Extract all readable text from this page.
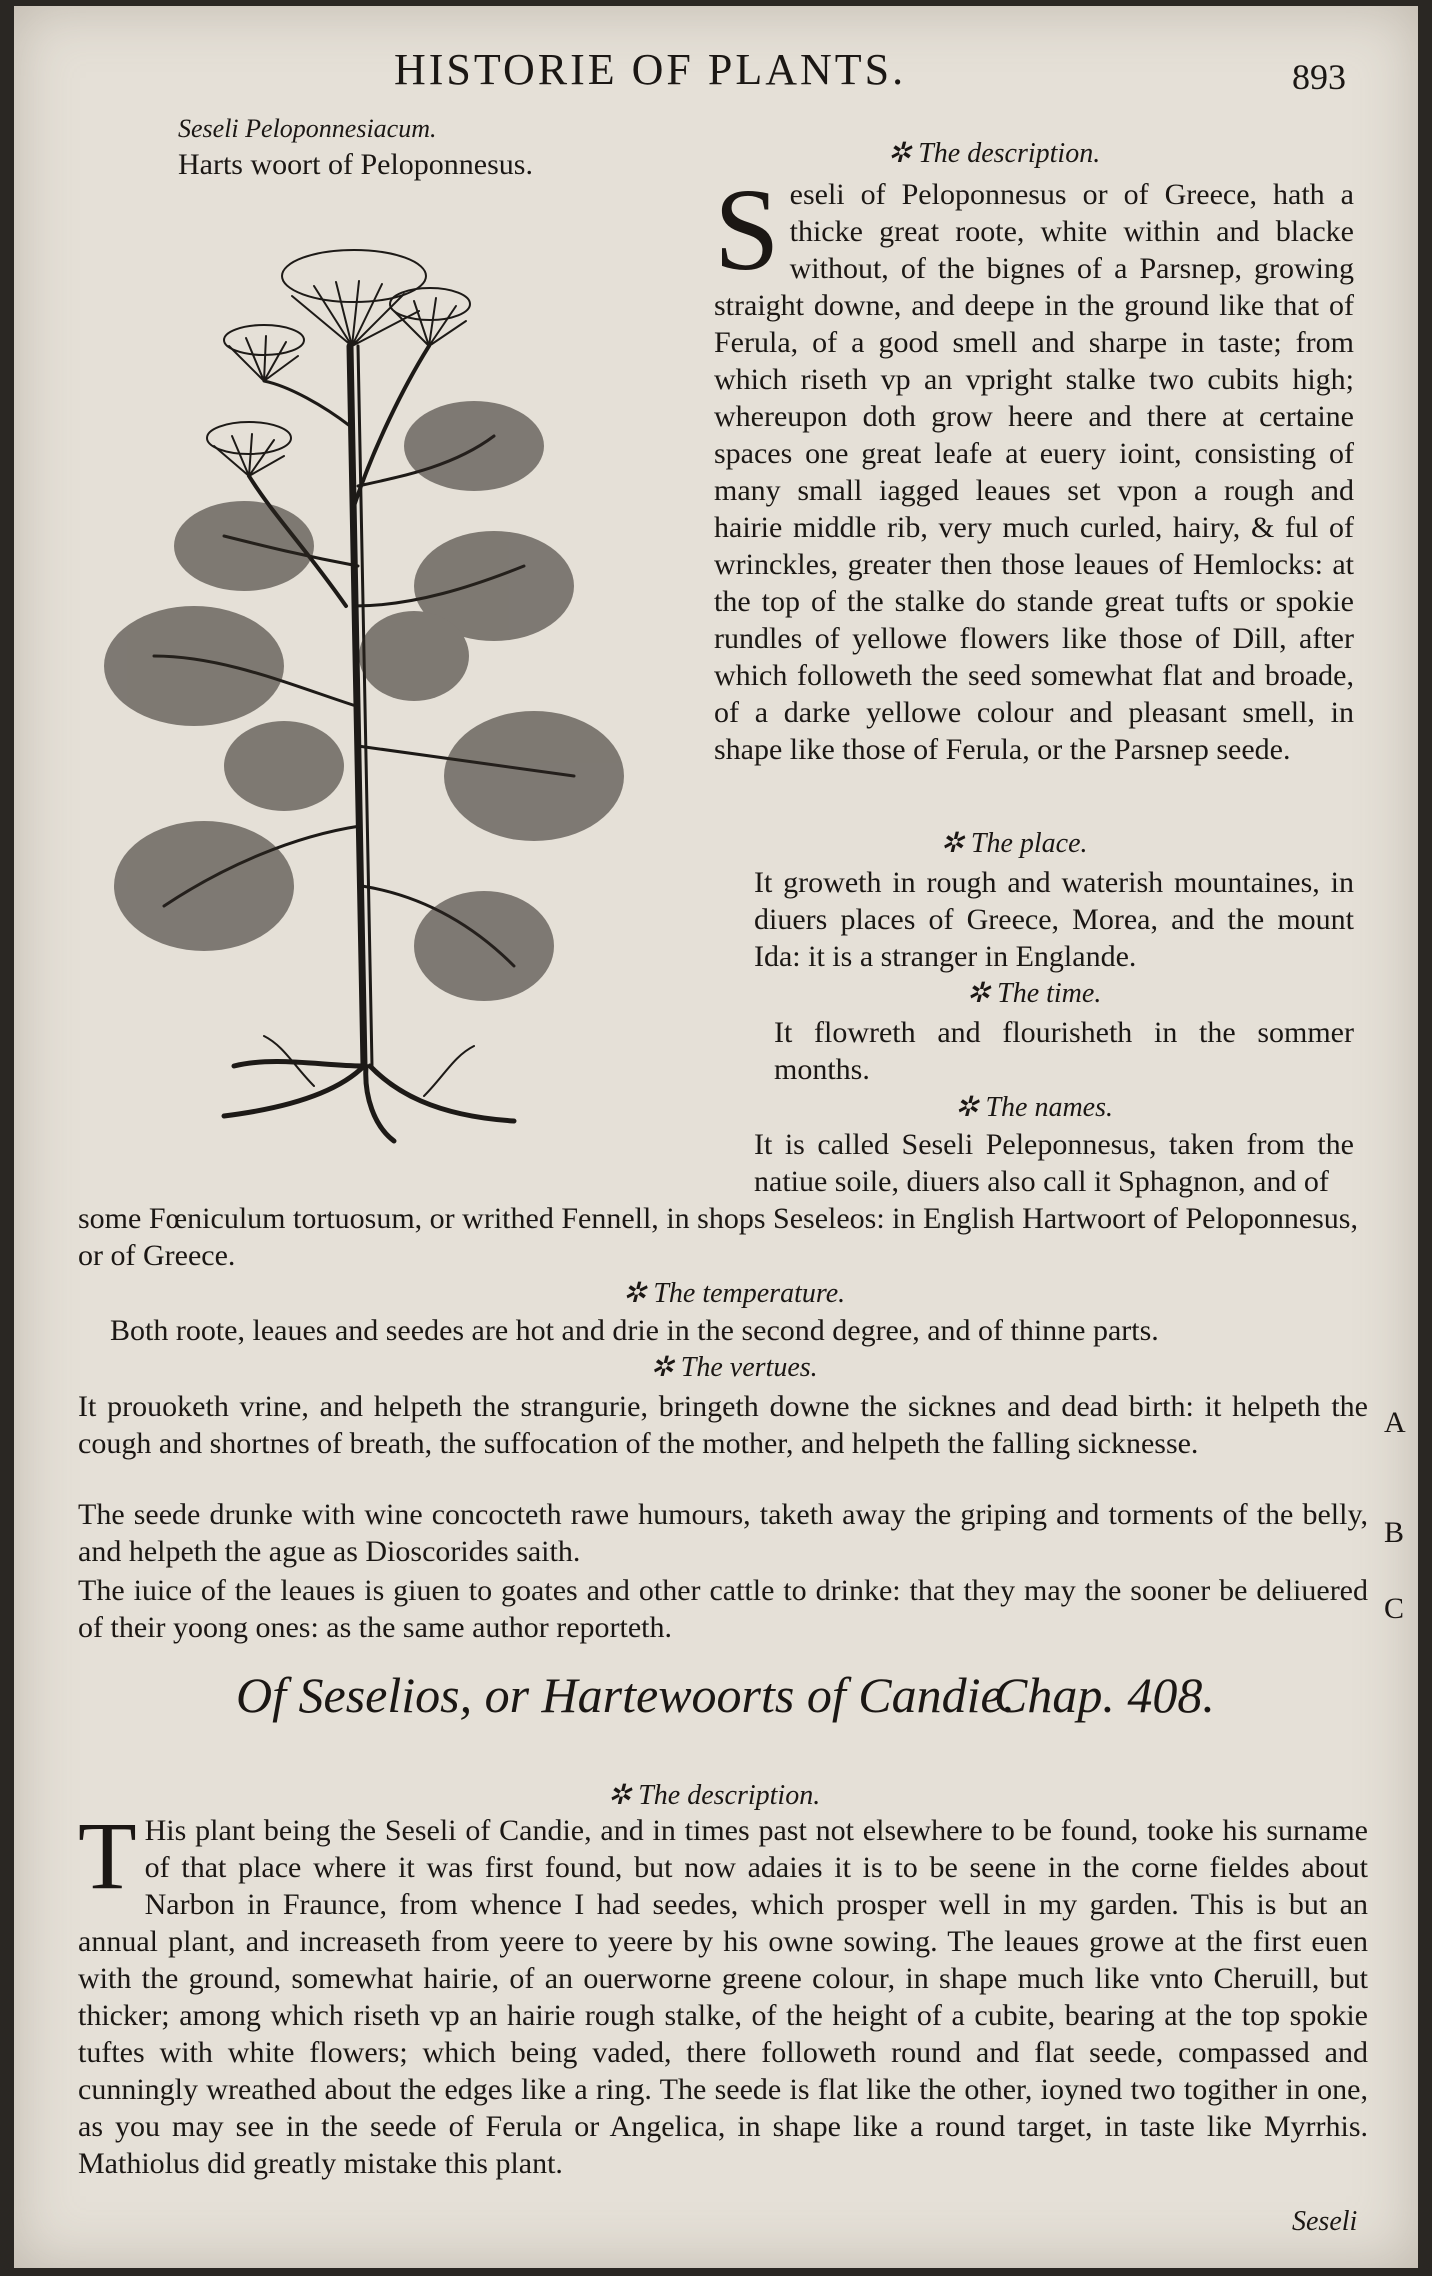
HISTORIE OF PLANTS.	893
Seseli Peloponnesiacum.
Harts woort of Peloponnesus.	✲ The description.

Seseli of Peloponnesus or of Greece, hath a thicke great roote, white within and blacke without, of the bignes of a Parsnep, growing straight downe, and deepe in the ground like that of Ferula, of a good smell and sharpe in taste; from which riseth vp an vpright stalke two cubits high; whereupon doth grow heere and there at certaine spaces one great leafe at euery ioint, consisting of many small iagged leaues set vpon a rough and hairie middle rib, very much curled, hairy, & ful of wrinckles, greater then those leaues of Hemlocks: at the top of the stalke do stande great tufts or spokie rundles of yellowe flowers like those of Dill, after which followeth the seed somewhat flat and broade, of a darke yellowe colour and pleasant smell, in shape like those of Ferula, or the Parsnep seede.

✲ The place.
It groweth in rough and waterish mountaines, in diuers places of Greece, Morea, and the mount Ida: it is a stranger in Englande.
✲ The time.
It flowreth and flourisheth in the sommer months.
✲ The names.
It is called Seseli Peleponnesus, taken from the natiue soile, diuers also call it Sphagnon, and of
some Fœniculum tortuosum, or writhed Fennell, in shops Seseleos: in English Hartwoort of Peloponnesus, or of Greece.
✲ The temperature.
Both roote, leaues and seedes are hot and drie in the second degree, and of thinne parts.
✲ The vertues.
It prouoketh vrine, and helpeth the strangurie, bringeth downe the sicknes and dead birth: it helpeth the cough and shortnes of breath, the suffocation of the mother, and helpeth the falling sicknesse.
A
The seede drunke with wine concocteth rawe humours, taketh away the griping and torments of the belly, and helpeth the ague as Dioscorides saith.
B
The iuice of the leaues is giuen to goates and other cattle to drinke: that they may the sooner be deliuered of their yoong ones: as the same author reporteth.
C
Of Seselios, or Hartewoorts of Candie.
Chap. 408.
✲ The description.

T His plant being the Seseli of Candie, and in times past not elsewhere to be found, tooke his surname of that place where it was first found, but now adaies it is to be seene in the corne fieldes about Narbon in Fraunce, from whence I had seedes, which prosper well in my garden. This is but an annual plant, and increaseth from yeere to yeere by his owne sowing. The leaues growe at the first euen with the ground, somewhat hairie, of an ouerworne greene colour, in shape much like vnto Cheruill, but thicker; among which riseth vp an hairie rough stalke, of the height of a cubite, bearing at the top spokie tuftes with white flowers; which being vaded, there followeth round and flat seede, compassed and cunningly wreathed about the edges like a ring. The seede is flat like the other, ioyned two togither in one, as you may see in the seede of Ferula or Angelica, in shape like a round target, in taste like Myrrhis. Mathiolus did greatly mistake this plant.

Seseli
